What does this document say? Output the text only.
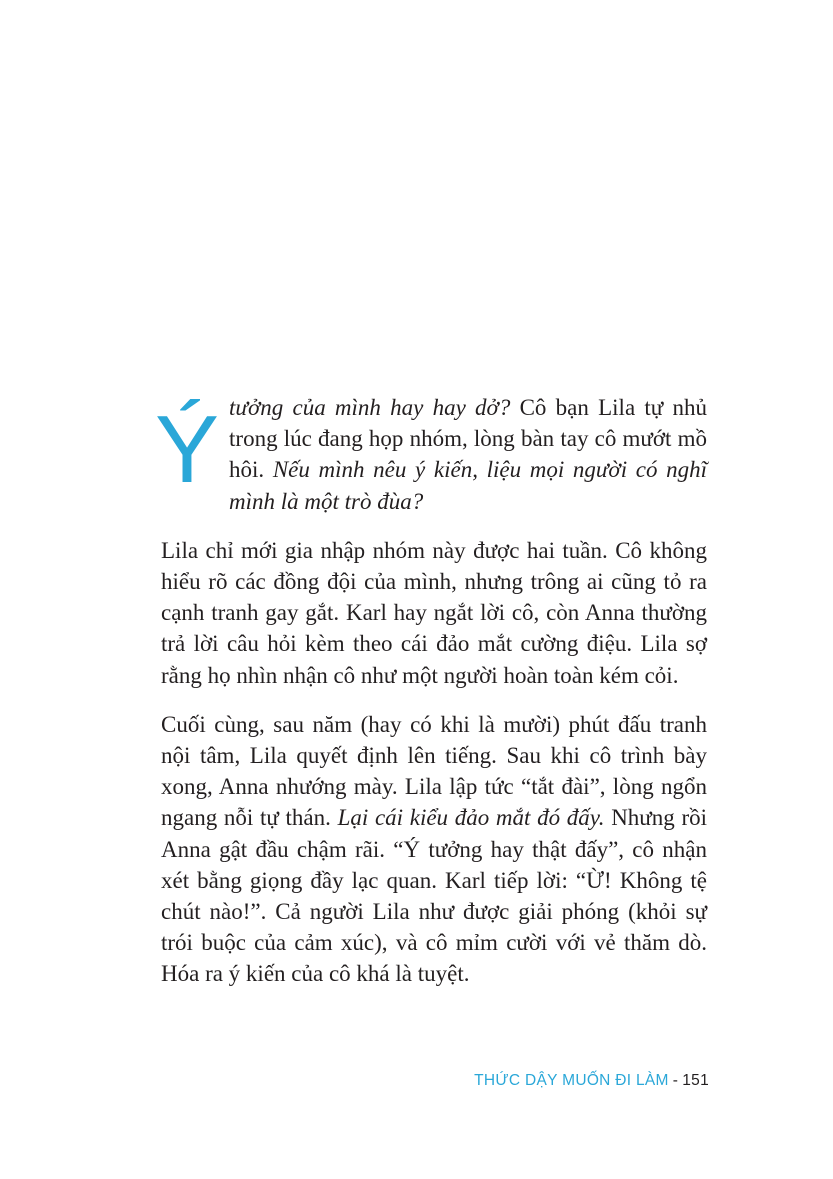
Ý tưởng của mình hay hay dở? Cô bạn Lila tự nhủ trong lúc đang họp nhóm, lòng bàn tay cô mướt mồ hôi. Nếu mình nêu ý kiến, liệu mọi người có nghĩ mình là một trò đùa?

Lila chỉ mới gia nhập nhóm này được hai tuần. Cô không hiểu rõ các đồng đội của mình, nhưng trông ai cũng tỏ ra cạnh tranh gay gắt. Karl hay ngắt lời cô, còn Anna thường trả lời câu hỏi kèm theo cái đảo mắt cường điệu. Lila sợ rằng họ nhìn nhận cô như một người hoàn toàn kém cỏi.

Cuối cùng, sau năm (hay có khi là mười) phút đấu tranh nội tâm, Lila quyết định lên tiếng. Sau khi cô trình bày xong, Anna nhướng mày. Lila lập tức “tắt đài”, lòng ngổn ngang nỗi tự thán. Lại cái kiểu đảo mắt đó đấy. Nhưng rồi Anna gật đầu chậm rãi. “Ý tưởng hay thật đấy”, cô nhận xét bằng giọng đầy lạc quan. Karl tiếp lời: “Ừ! Không tệ chút nào!”. Cả người Lila như được giải phóng (khỏi sự trói buộc của cảm xúc), và cô mỉm cười với vẻ thăm dò. Hóa ra ý kiến của cô khá là tuyệt.

THỨC DẬY MUỐN ĐI LÀM - 151
